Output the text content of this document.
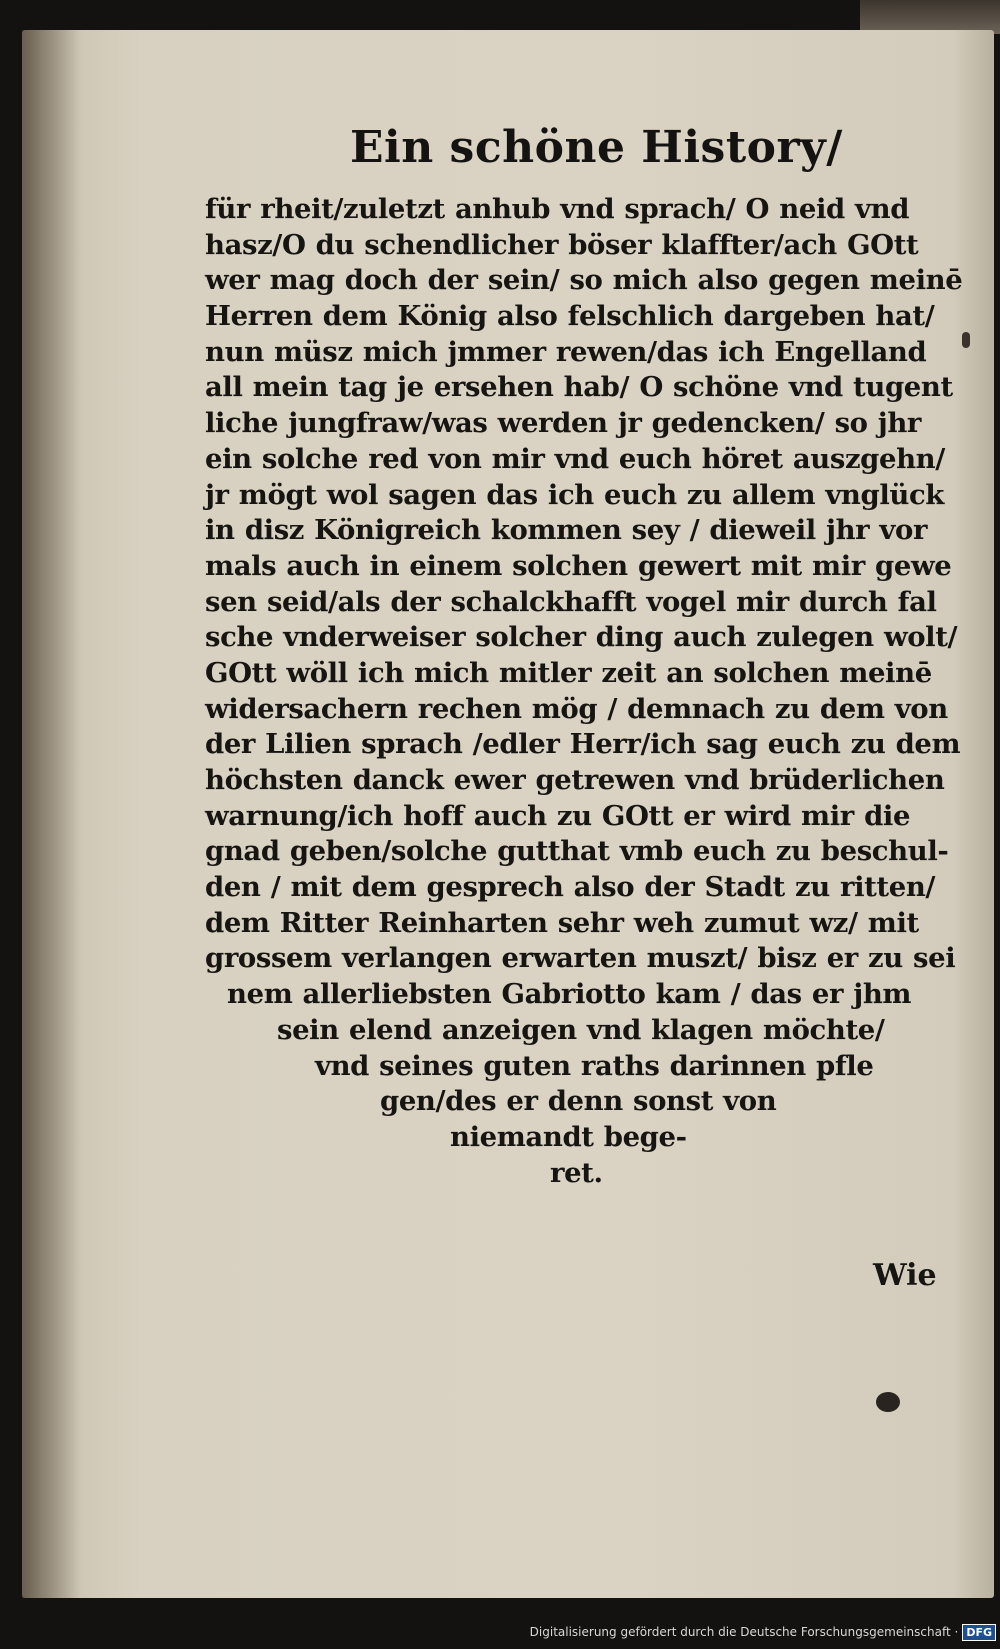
Ein schöne History/
für rheit/zuletzt anhub vnd sprach/ O neid vnd
hasz/O du schendlicher böser klaffter/ach GOtt
wer mag doch der sein/ so mich also gegen meinē
Herren dem König also felschlich dargeben hat/
nun müsz mich jmmer rewen/das ich Engelland
all mein tag je ersehen hab/ O schöne vnd tugent
liche jungfraw/was werden jr gedencken/ so jhr
ein solche red von mir vnd euch höret auszgehn/
jr mögt wol sagen das ich euch zu allem vnglück
in disz Königreich kommen sey / dieweil jhr vor
mals auch in einem solchen gewert mit mir gewe
sen seid/als der schalckhafft vogel mir durch fal
sche vnderweiser solcher ding auch zulegen wolt/
GOtt wöll ich mich mitler zeit an solchen meinē
widersachern rechen mög / demnach zu dem von
der Lilien sprach /edler Herr/ich sag euch zu dem
höchsten danck ewer getrewen vnd brüderlichen
warnung/ich hoff auch zu GOtt er wird mir die
gnad geben/solche gutthat vmb euch zu beschul-
den / mit dem gesprech also der Stadt zu ritten/
dem Ritter Reinharten sehr weh zumut wz/ mit
grossem verlangen erwarten muszt/ bisz er zu sei
nem allerliebsten Gabriotto kam / das er jhm
sein elend anzeigen vnd klagen möchte/
vnd seines guten raths darinnen pfle
gen/des er denn sonst von
niemandt bege-
ret.
Wie
Digitalisierung gefördert durch die Deutsche Forschungsgemeinschaft · DFG
